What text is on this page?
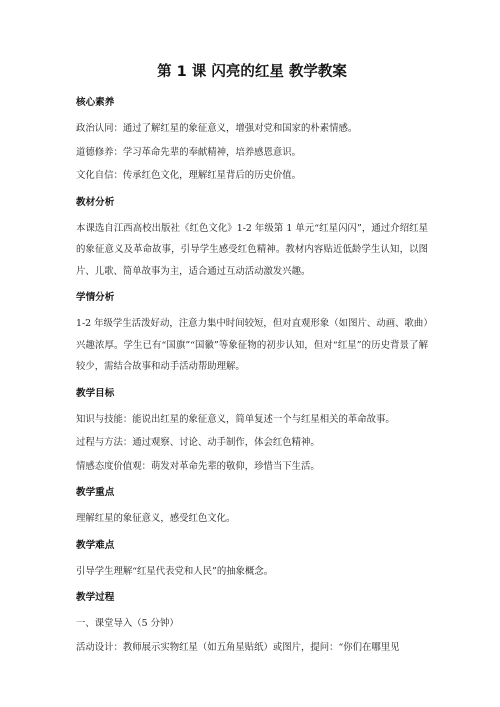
第 1 课 闪亮的红星 教学教案
核心素养
政治认同：通过了解红星的象征意义，增强对党和国家的朴素情感。
道德修养：学习革命先辈的奉献精神，培养感恩意识。
文化自信：传承红色文化，理解红星背后的历史价值。
教材分析
本课选自江西高校出版社《红色文化》1-2 年级第 1 单元“红星闪闪”，通过介绍红星的象征意义及革命故事，引导学生感受红色精神。教材内容贴近低龄学生认知，以图片、儿歌、简单故事为主，适合通过互动活动激发兴趣。
学情分析
1-2 年级学生活泼好动，注意力集中时间较短，但对直观形象（如图片、动画、歌曲）兴趣浓厚。学生已有“国旗”“国徽”等象征物的初步认知，但对“红星”的历史背景了解较少，需结合故事和动手活动帮助理解。
教学目标
知识与技能：能说出红星的象征意义，简单复述一个与红星相关的革命故事。
过程与方法：通过观察、讨论、动手制作，体会红色精神。
情感态度价值观：萌发对革命先辈的敬仰，珍惜当下生活。
教学重点
理解红星的象征意义，感受红色文化。
教学难点
引导学生理解“红星代表党和人民”的抽象概念。
教学过程
一、课堂导入（5 分钟）
活动设计：教师展示实物红星（如五角星贴纸）或图片，提问：“你们在哪里见
